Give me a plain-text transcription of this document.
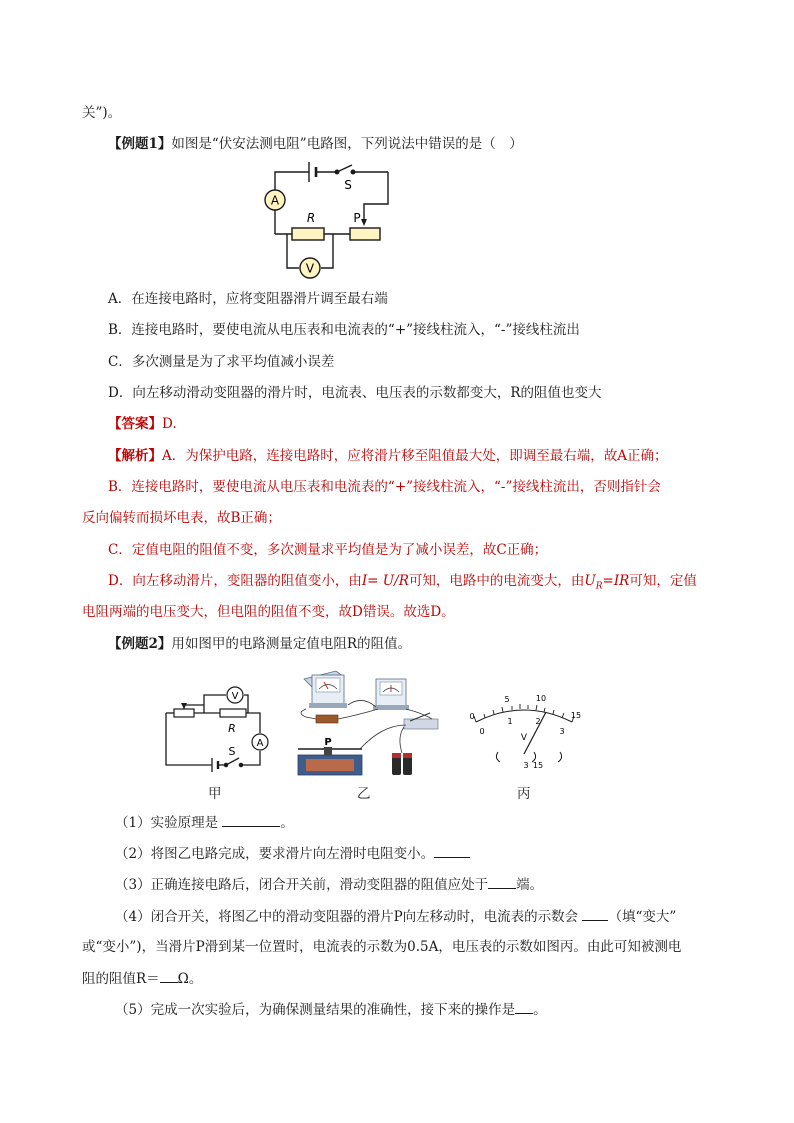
关”)。
【例题1】如图是“伏安法测电阻”电路图，下列说法中错误的是（　）
A
R	P
S
V
A．在连接电路时，应将变阻器滑片调至最右端
B．连接电路时，要使电流从电压表和电流表的“+”接线柱流入，“-”接线柱流出
C．多次测量是为了求平均值减小误差
D．向左移动滑动变阻器的滑片时，电流表、电压表的示数都变大，R的阻值也变大
【答案】D.
【解析】A．为保护电路，连接电路时，应将滑片移至阻值最大处，即调至最右端，故A正确；
B．连接电路时，要使电流从电压表和电流表的“+”接线柱流入，“-”接线柱流出，否则指针会
反向偏转而损坏电表，故B正确；
C．定值电阻的阻值不变，多次测量求平均值是为了减小误差，故C正确；
D．向左移动滑片，变阻器的阻值变小，由I= U/R可知，电路中的电流变大，由$U_R=IR$可知，定值
电阻两端的电压变大，但电阻的阻值不变，故D错误。故选D。
【例题2】用如图甲的电路测量定值电阻R的阻值。
V
A
R
S
P
0
5	10
15
0
1	2
3
V
3 15
甲	乙	丙
（1）实验原理是	。
（2）将图乙电路完成，要求滑片向左滑时电阻变小。
（3）正确连接电路后，闭合开关前，滑动变阻器的阻值应处于 端。
（4）闭合开关，将图乙中的滑动变阻器的滑片P向左移动时，电流表的示数会 （填“变大”
或“变小”)，当滑片P滑到某一位置时，电流表的示数为0.5A，电压表的示数如图丙。由此可知被测电
阻的阻值R＝ Ω。
（5）完成一次实验后，为确保测量结果的准确性，接下来的操作是 。
